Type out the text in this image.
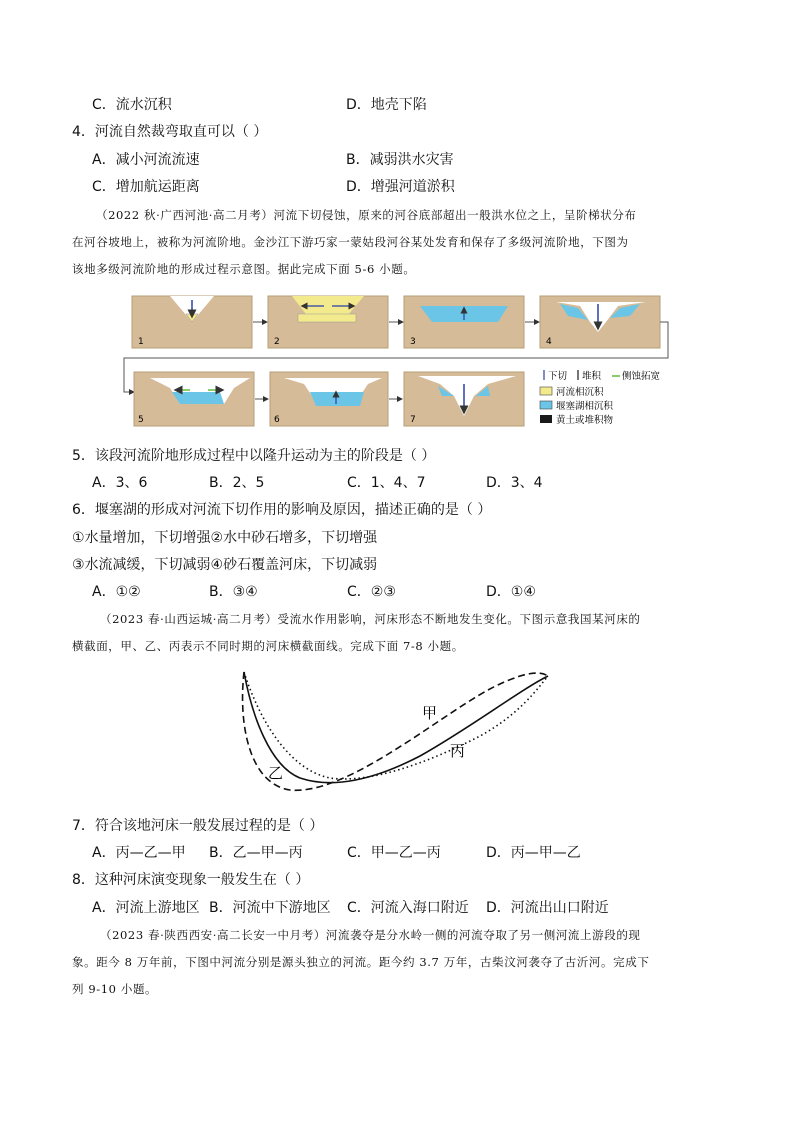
C．流水沉积	D．地壳下陷
4．河流自然裁弯取直可以（ ）
A．减小河流流速	B．减弱洪水灾害
C．增加航运距离	D．增强河道淤积
（2022 秋·广西河池·高二月考）河流下切侵蚀，原来的河谷底部超出一般洪水位之上，呈阶梯状分布
在河谷坡地上，被称为河流阶地。金沙江下游巧家一蒙姑段河谷某处发育和保存了多级河流阶地，下图为
该地多级河流阶地的形成过程示意图。据此完成下面 5-6 小题。
1	2	3	4
5	6	7
下切 堆积 侧蚀拓宽
河流相沉积
堰塞湖相沉积
黄土或堆积物
5．该段河流阶地形成过程中以隆升运动为主的阶段是（ ）
A．3、6	B．2、5	C．1、4、7	D．3、4
6．堰塞湖的形成对河流下切作用的影响及原因，描述正确的是（ ）
①水量增加，下切增强②水中砂石增多，下切增强
③水流减缓，下切减弱④砂石覆盖河床，下切减弱
A．①②	B．③④	C．②③	D．①④
（2023 春·山西运城·高二月考）受流水作用影响，河床形态不断地发生变化。下图示意我国某河床的
横截面，甲、乙、丙表示不同时期的河床横截面线。完成下面 7-8 小题。
甲
乙
丙
7．符合该地河床一般发展过程的是（ ）
A．丙—乙—甲 B．乙—甲—丙	C．甲—乙—丙	D．丙—甲—乙
8．这种河床演变现象一般发生在（ ）
A．河流上游地区 B．河流中下游地区 C．河流入海口附近 D．河流出山口附近
（2023 春·陕西西安·高二长安一中月考）河流袭夺是分水岭一侧的河流夺取了另一侧河流上游段的现
象。距今 8 万年前，下图中河流分别是源头独立的河流。距今约 3.7 万年，古柴汶河袭夺了古沂河。完成下
列 9-10 小题。
